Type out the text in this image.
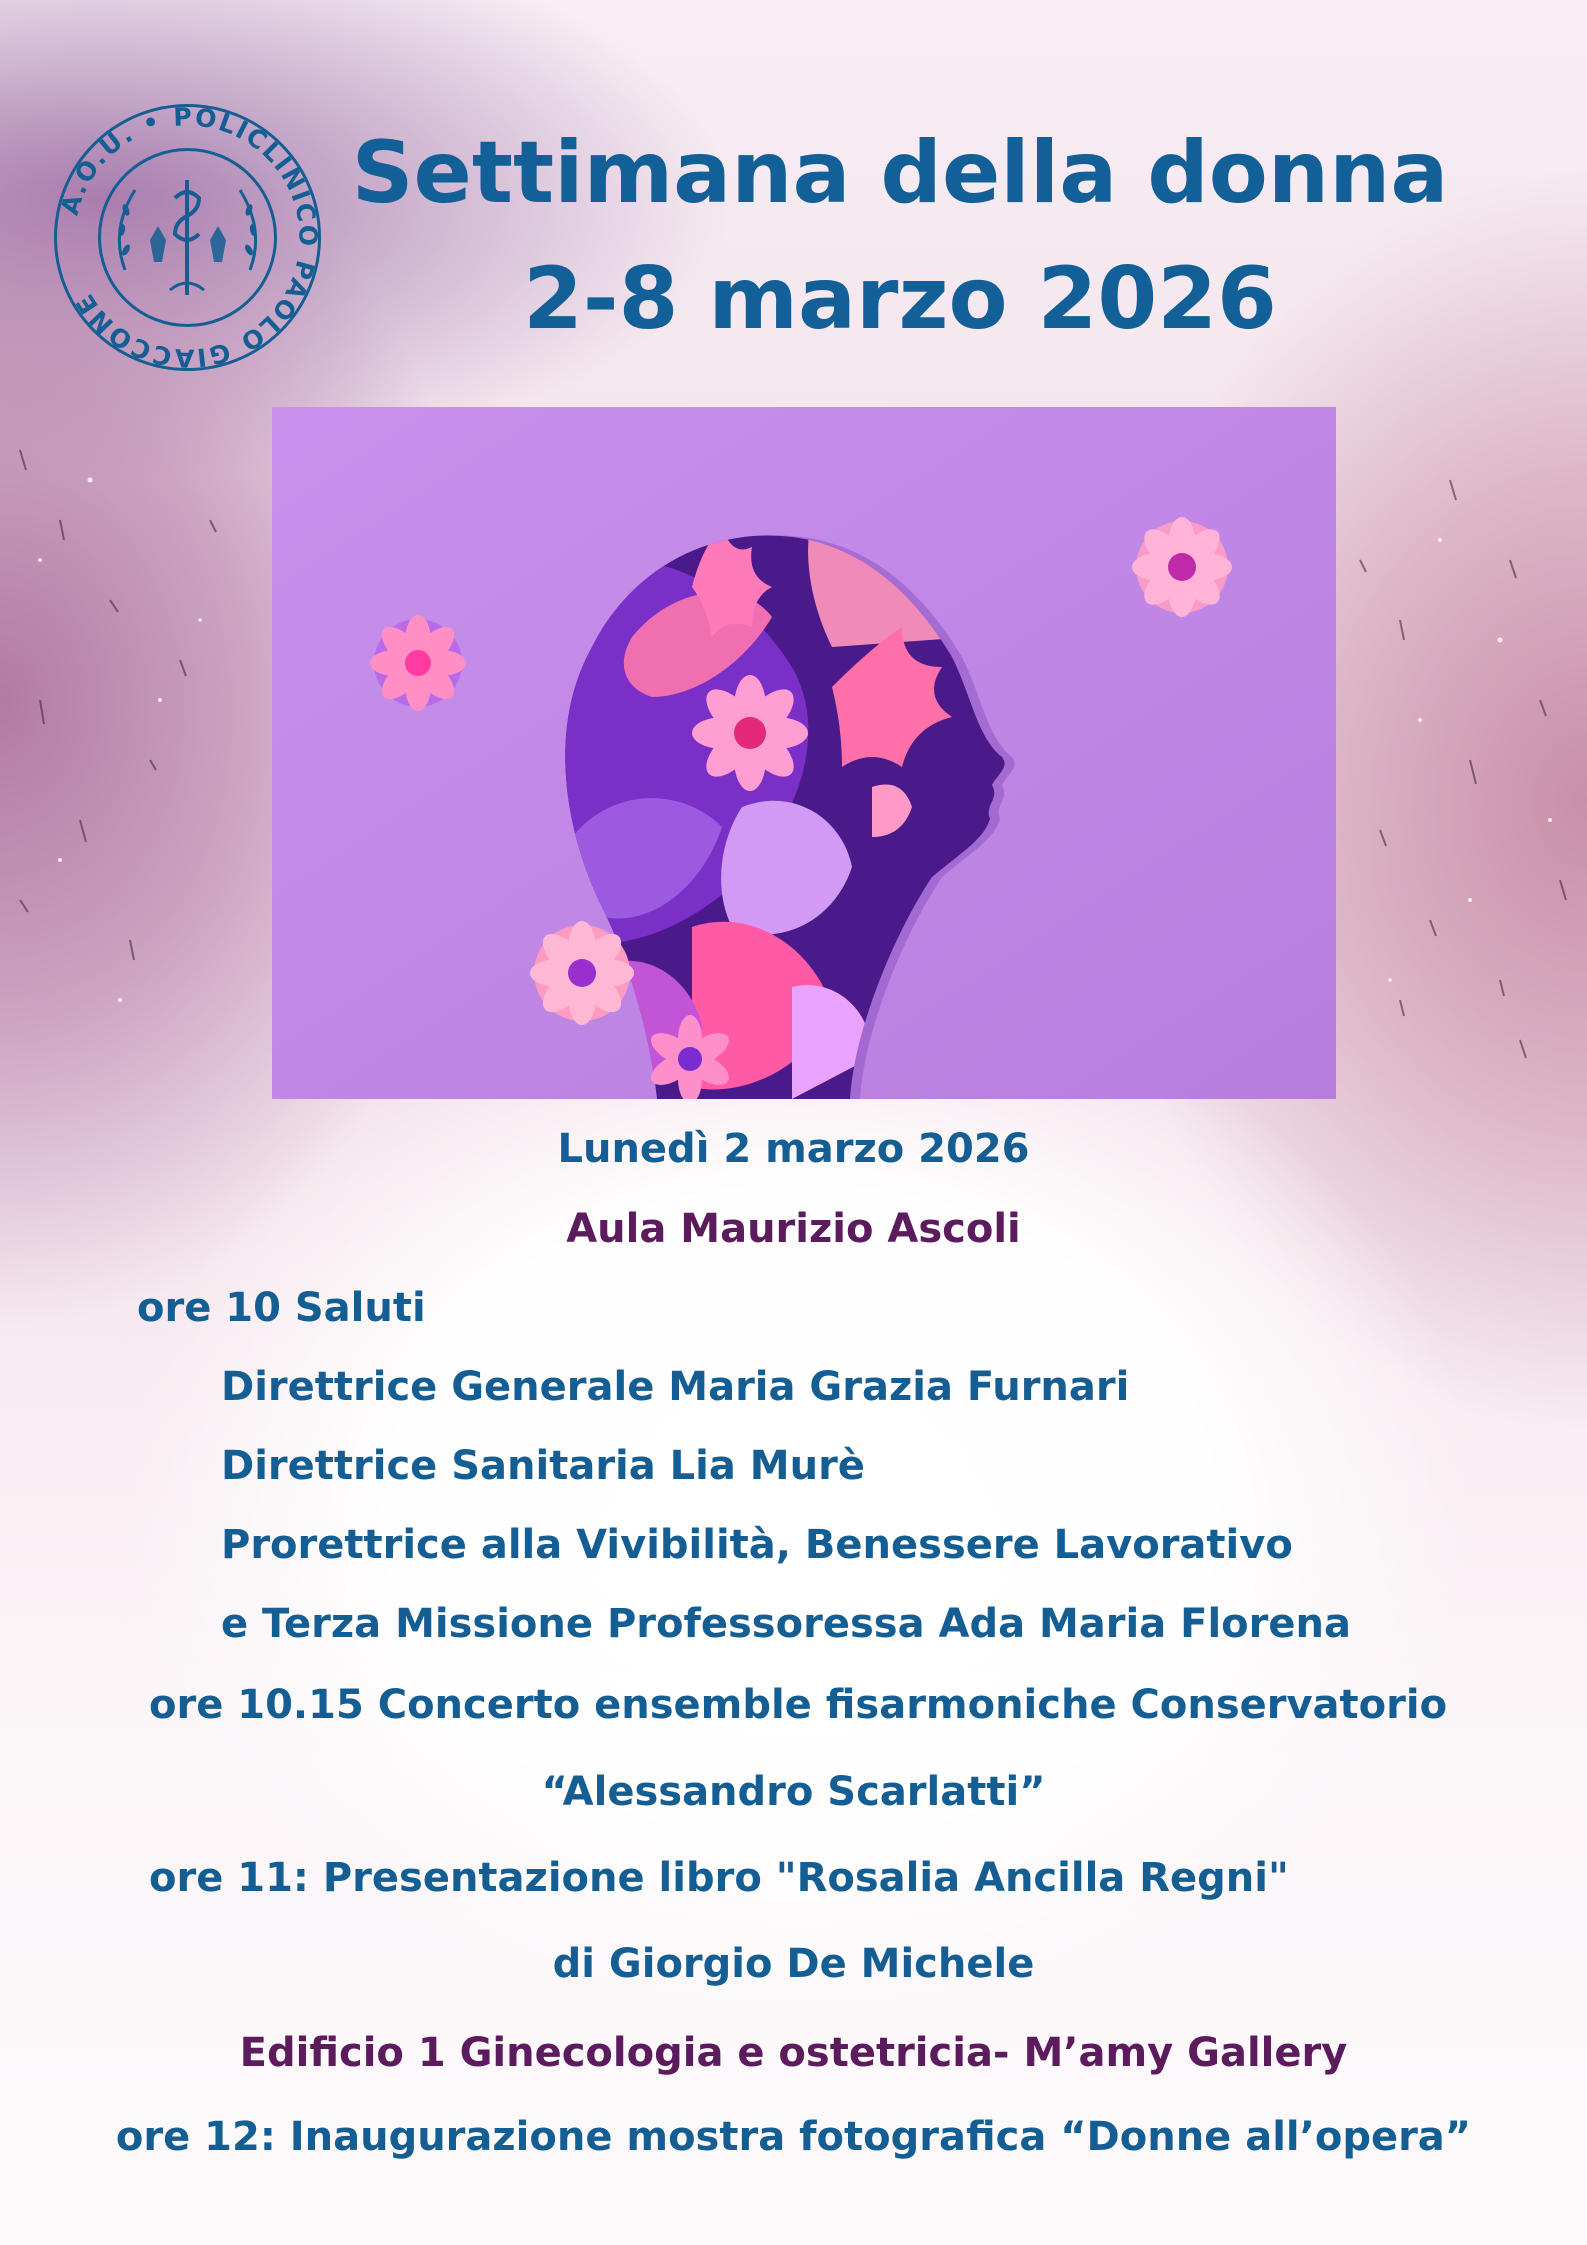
A.O.U. • POLICLINICO PAOLO GIACCONE
Settimana della donna
2-8 marzo 2026
Lunedì 2 marzo 2026
Aula Maurizio Ascoli
ore 10 Saluti
Direttrice Generale Maria Grazia Furnari
Direttrice Sanitaria Lia Murè
Prorettrice alla Vivibilità, Benessere Lavorativo
e Terza Missione Professoressa Ada Maria Florena
ore 10.15 Concerto ensemble fisarmoniche Conservatorio
“Alessandro Scarlatti”
ore 11: Presentazione libro "Rosalia Ancilla Regni"
di Giorgio De Michele
Edificio 1 Ginecologia e ostetricia- M’amy Gallery
ore 12: Inaugurazione mostra fotografica “Donne all’opera”
